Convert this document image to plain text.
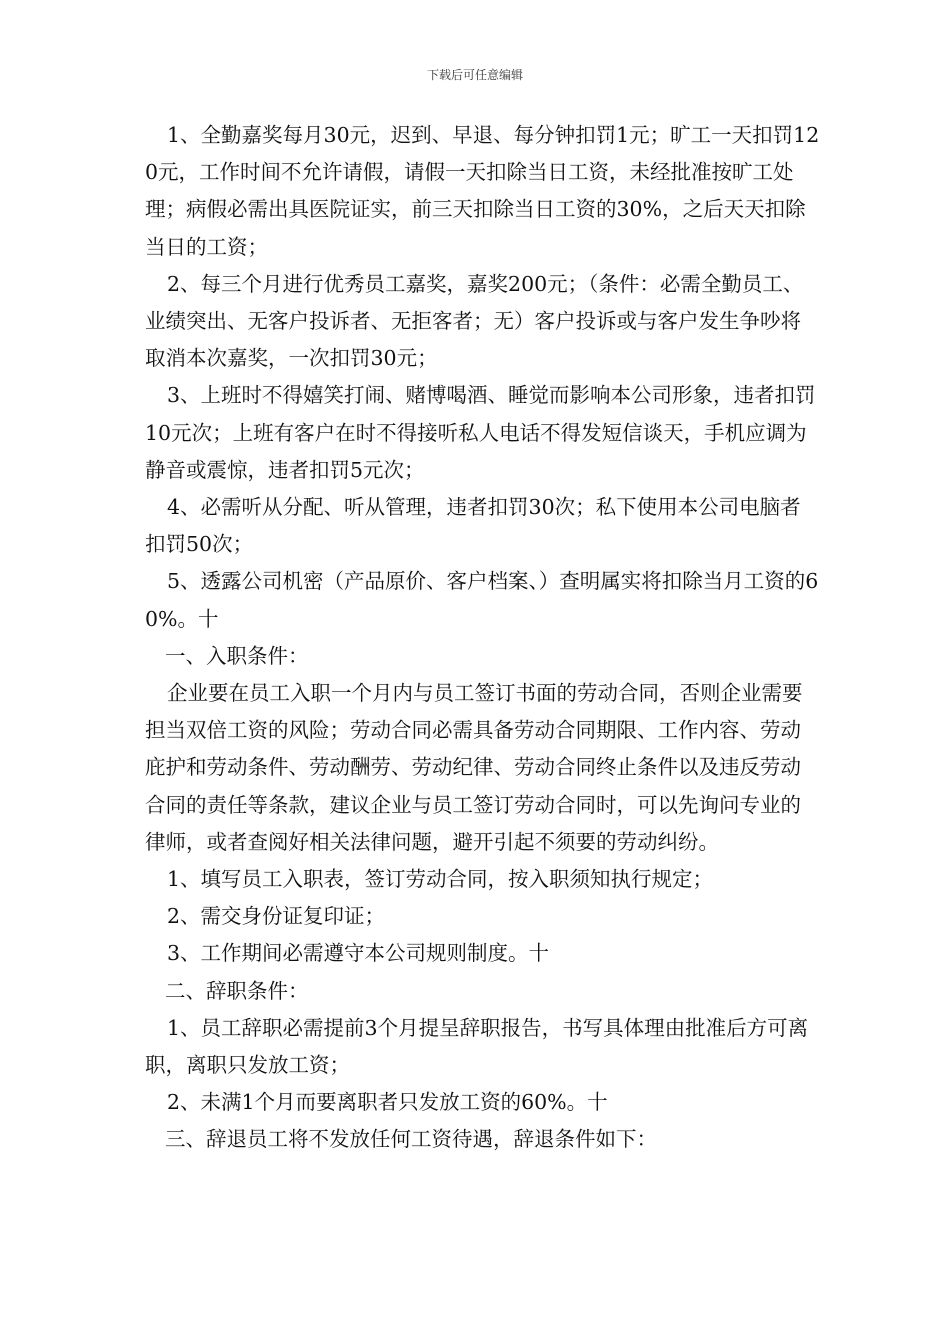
下载后可任意编辑

1、全勤嘉奖每月30元，迟到、早退、每分钟扣罚1元；旷工一天扣罚120元，工作时间不允许请假，请假一天扣除当日工资，未经批准按旷工处理；病假必需出具医院证实，前三天扣除当日工资的30%，之后天天扣除当日的工资；

2、每三个月进行优秀员工嘉奖，嘉奖200元；（条件：必需全勤员工、业绩突出、无客户投诉者、无拒客者；无）客户投诉或与客户发生争吵将取消本次嘉奖，一次扣罚30元；

3、上班时不得嬉笑打闹、赌博喝酒、睡觉而影响本公司形象，违者扣罚10元次；上班有客户在时不得接听私人电话不得发短信谈天，手机应调为静音或震惊，违者扣罚5元次；

4、必需听从分配、听从管理，违者扣罚30次；私下使用本公司电脑者扣罚50次；

5、透露公司机密（产品原价、客户档案、）查明属实将扣除当月工资的60%。十

一、入职条件：

企业要在员工入职一个月内与员工签订书面的劳动合同，否则企业需要担当双倍工资的风险；劳动合同必需具备劳动合同期限、工作内容、劳动庇护和劳动条件、劳动酬劳、劳动纪律、劳动合同终止条件以及违反劳动合同的责任等条款，建议企业与员工签订劳动合同时，可以先询问专业的律师，或者查阅好相关法律问题，避开引起不须要的劳动纠纷。

1、填写员工入职表，签订劳动合同，按入职须知执行规定；

2、需交身份证复印证；

3、工作期间必需遵守本公司规则制度。十

二、辞职条件：

1、员工辞职必需提前3个月提呈辞职报告，书写具体理由批准后方可离职，离职只发放工资；

2、未满1个月而要离职者只发放工资的60%。十

三、辞退员工将不发放任何工资待遇，辞退条件如下：
